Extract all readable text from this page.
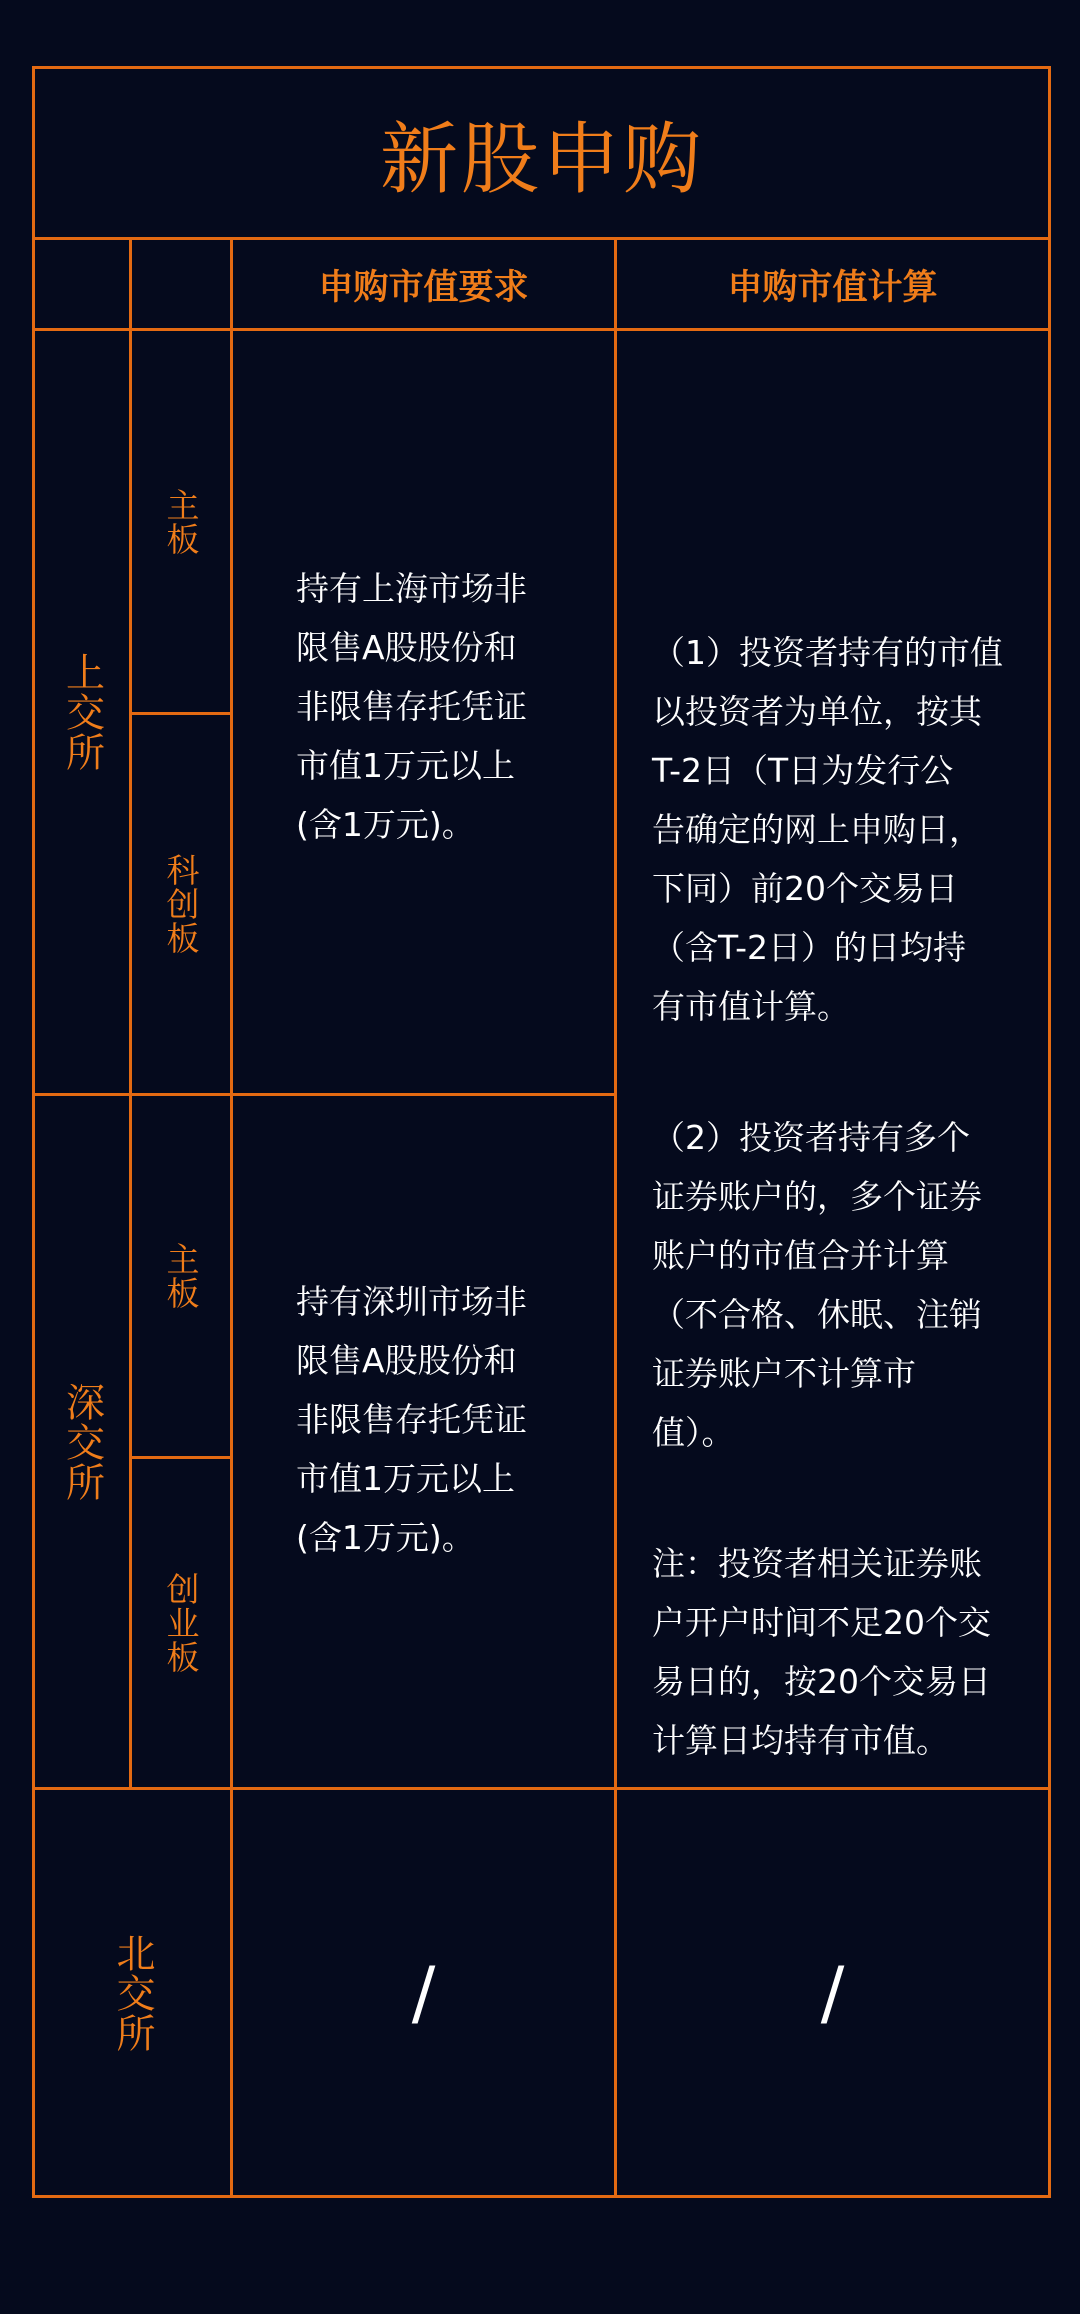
新股申购
申购市值要求	申购市值计算
上交所
深交所
北交所
主板
科创板
主板
创业板
持有上海市场非
限售A股股份和
非限售存托凭证
市值1万元以上
(含1万元)。
持有深圳市场非
限售A股股份和
非限售存托凭证
市值1万元以上
(含1万元)。

（1）投资者持有的市值
以投资者为单位，按其
T-2日（T日为发行公
告确定的网上申购日，
下同）前20个交易日
（含T-2日）的日均持
有市值计算。

（2）投资者持有多个
证券账户的，多个证券
账户的市值合并计算
（不合格、休眠、注销
证券账户不计算市
值）。

注：投资者相关证券账
户开户时间不足20个交
易日的，按20个交易日
计算日均持有市值。

/	/
